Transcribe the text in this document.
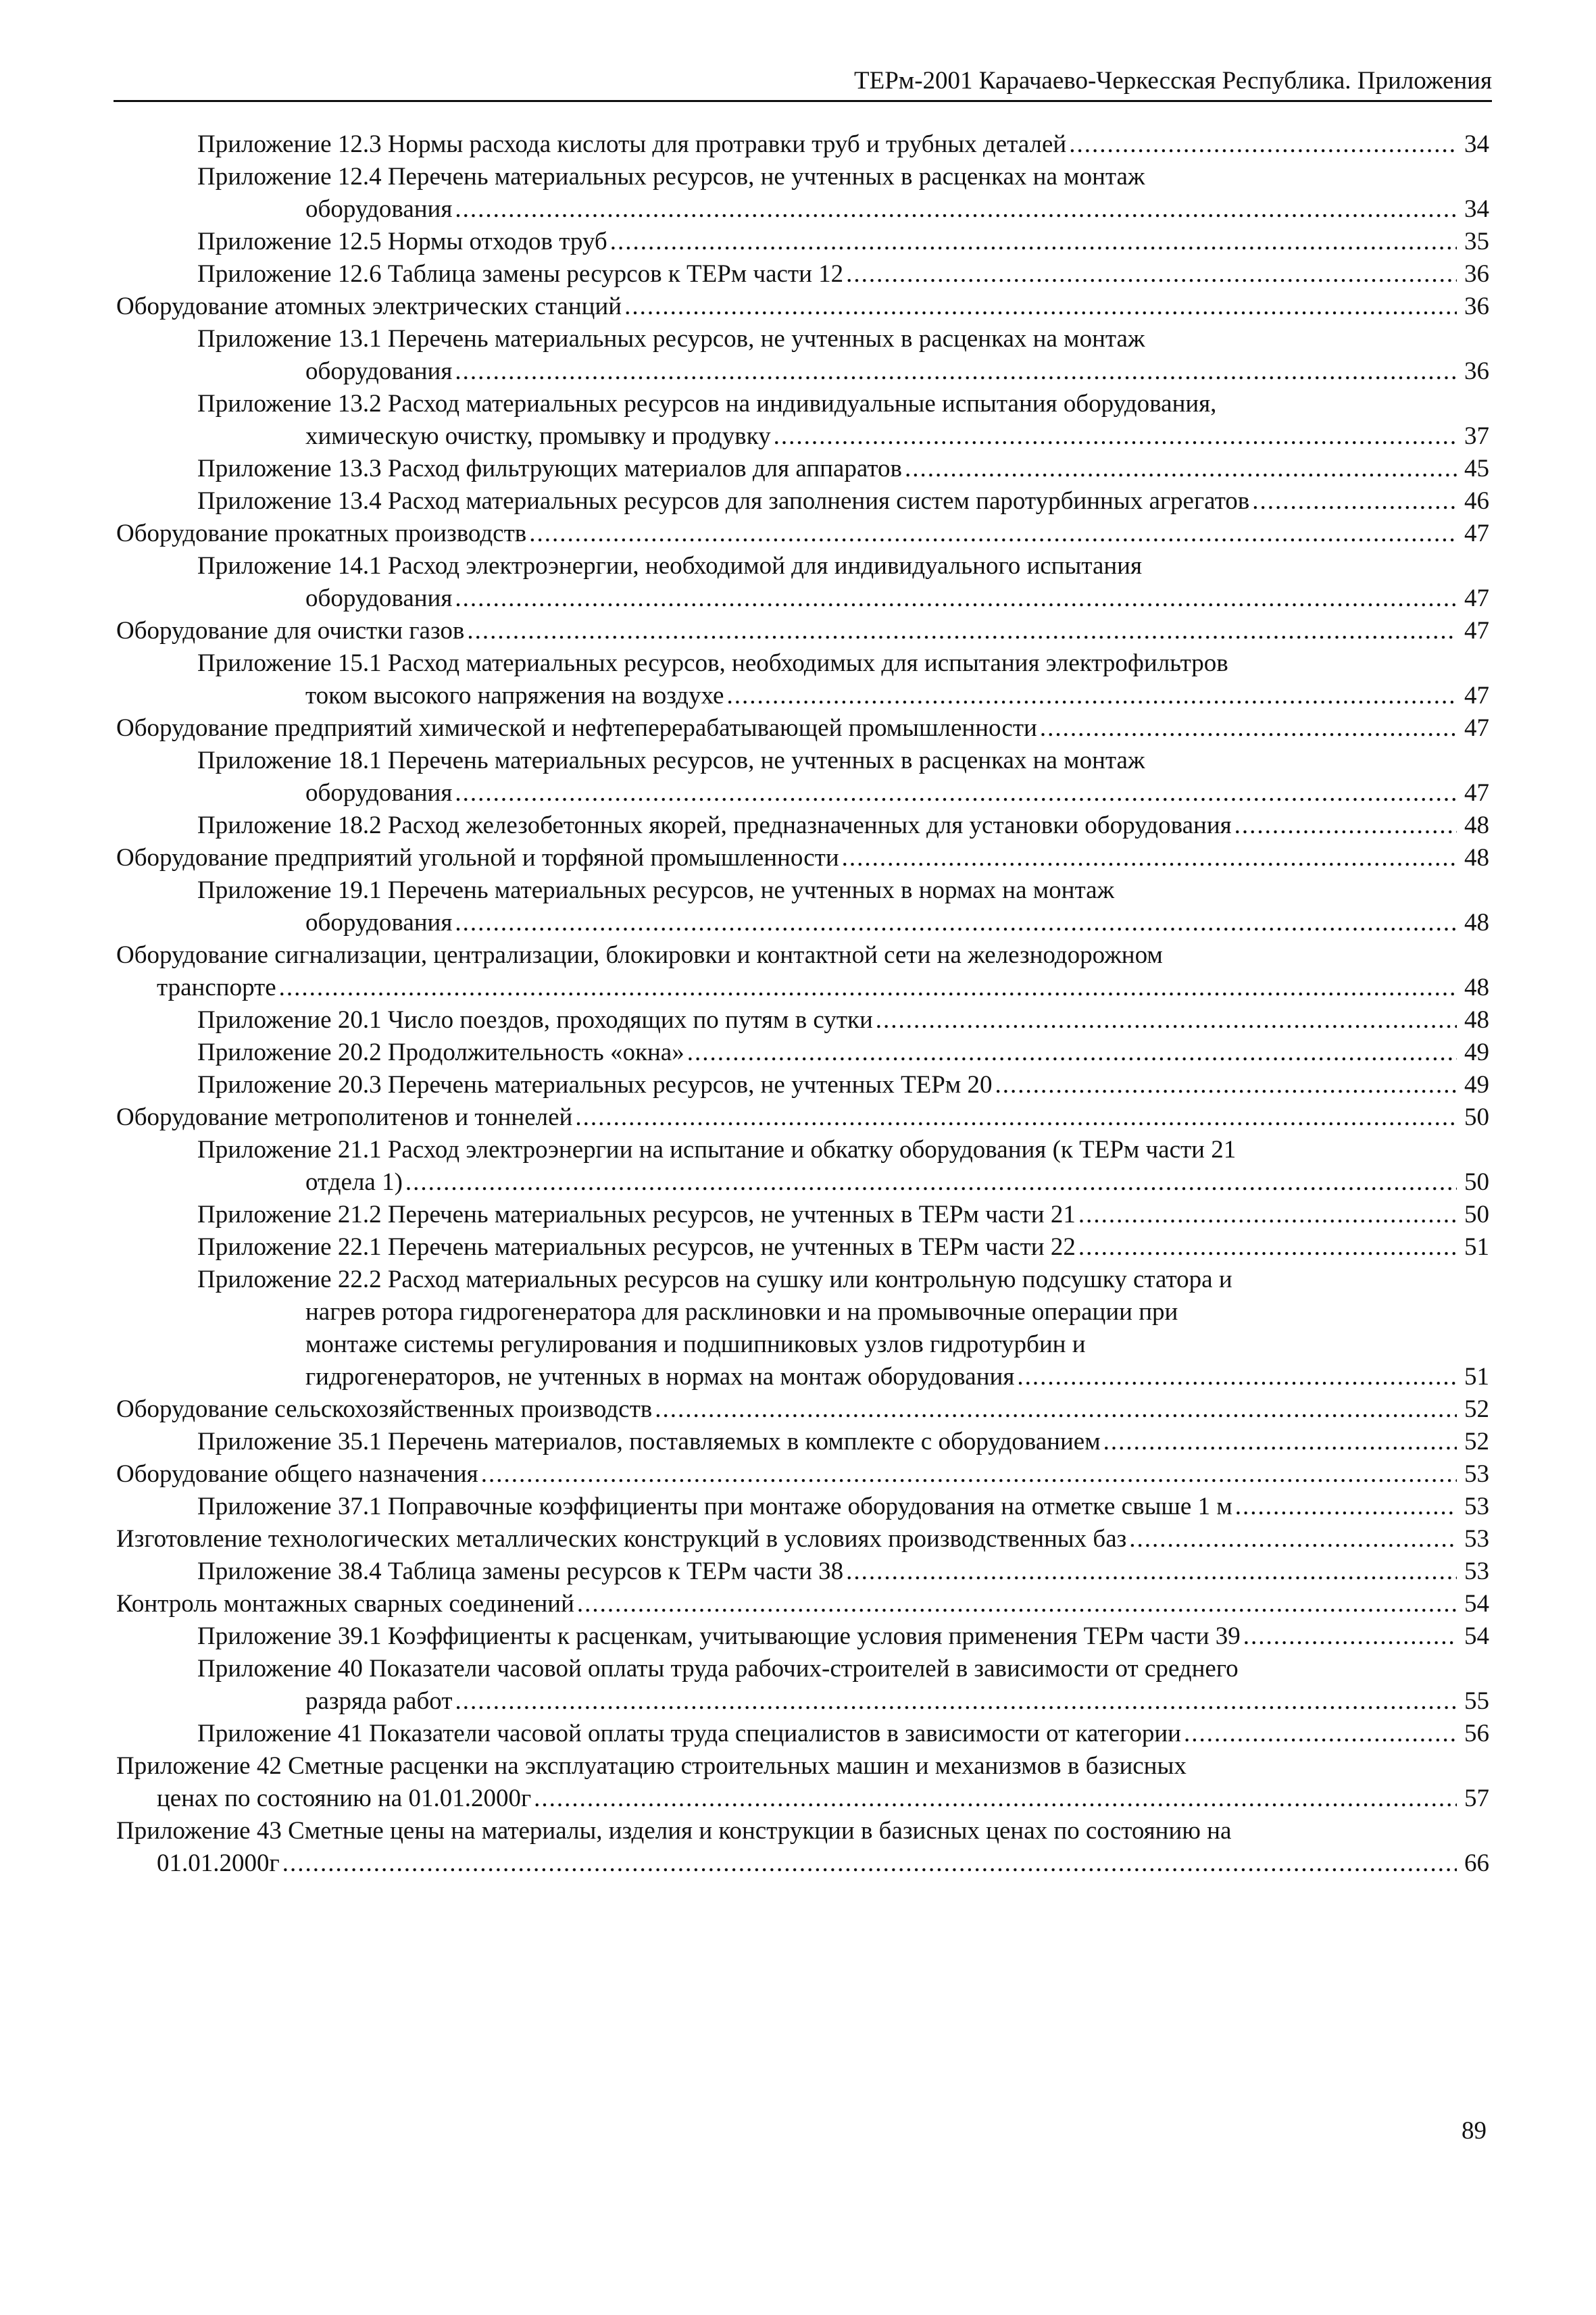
ТЕРм-2001 Карачаево-Черкесская Республика. Приложения
Приложение 12.3 Нормы расхода кислоты для протравки труб и трубных деталей .....	34
Приложение 12.4 Перечень материальных ресурсов, не учтенных в расценках на монтаж
оборудования .....	34
Приложение 12.5 Нормы отходов труб .....	35
Приложение 12.6 Таблица замены ресурсов к ТЕРм части 12 .....	36
Оборудование атомных электрических станций .....	36
Приложение 13.1 Перечень материальных ресурсов, не учтенных в расценках на монтаж
оборудования .....	36
Приложение 13.2 Расход материальных ресурсов на индивидуальные испытания оборудования,
химическую очистку, промывку и продувку .....	37
Приложение 13.3 Расход фильтрующих материалов для аппаратов .....	45
Приложение 13.4 Расход материальных ресурсов для заполнения систем паротурбинных агрегатов .....	46
Оборудование прокатных производств .....	47
Приложение 14.1 Расход электроэнергии, необходимой для индивидуального испытания
оборудования .....	47
Оборудование для очистки газов .....	47
Приложение 15.1 Расход материальных ресурсов, необходимых для испытания электрофильтров
током высокого напряжения на воздухе .....	47
Оборудование предприятий химической и нефтеперерабатывающей промышленности .....	47
Приложение 18.1 Перечень материальных ресурсов, не учтенных в расценках на монтаж
оборудования .....	47
Приложение 18.2 Расход железобетонных якорей, предназначенных для установки оборудования .....	48
Оборудование предприятий угольной и торфяной промышленности .....	48
Приложение 19.1 Перечень материальных ресурсов, не учтенных в нормах на монтаж
оборудования .....	48
Оборудование сигнализации, централизации, блокировки и контактной сети на железнодорожном
транспорте .....	48
Приложение 20.1 Число поездов, проходящих по путям в сутки .....	48
Приложение 20.2 Продолжительность «окна» .....	49
Приложение 20.3 Перечень материальных ресурсов, не учтенных ТЕРм 20 .....	49
Оборудование метрополитенов и тоннелей .....	50
Приложение 21.1 Расход электроэнергии на испытание и обкатку оборудования (к ТЕРм части 21
отдела 1) .....	50
Приложение 21.2 Перечень материальных ресурсов, не учтенных в ТЕРм части 21 .....	50
Приложение 22.1 Перечень материальных ресурсов, не учтенных в ТЕРм части 22 .....	51
Приложение 22.2 Расход материальных ресурсов на сушку или контрольную подсушку статора и
нагрев ротора гидрогенератора для расклиновки и на промывочные операции при
монтаже системы регулирования и подшипниковых узлов гидротурбин и
гидрогенераторов, не учтенных в нормах на монтаж оборудования .....	51
Оборудование сельскохозяйственных производств .....	52
Приложение 35.1 Перечень материалов, поставляемых в комплекте с оборудованием .....	52
Оборудование общего назначения .....	53
Приложение 37.1 Поправочные коэффициенты при монтаже оборудования на отметке свыше 1 м .....	53
Изготовление технологических металлических конструкций в условиях производственных баз .....	53
Приложение 38.4 Таблица замены ресурсов к ТЕРм части 38 .....	53
Контроль монтажных сварных соединений .....	54
Приложение 39.1 Коэффициенты к расценкам, учитывающие условия применения ТЕРм части 39 .....	54
Приложение 40 Показатели часовой оплаты труда рабочих-строителей в зависимости от среднего
разряда работ .....	55
Приложение 41 Показатели часовой оплаты труда специалистов в зависимости от категории .....	56
Приложение 42 Сметные расценки на эксплуатацию строительных машин и механизмов в базисных
ценах по состоянию на 01.01.2000г .....	57
Приложение 43 Сметные цены на материалы, изделия и конструкции в базисных ценах по состоянию на
01.01.2000г .....	66
89
